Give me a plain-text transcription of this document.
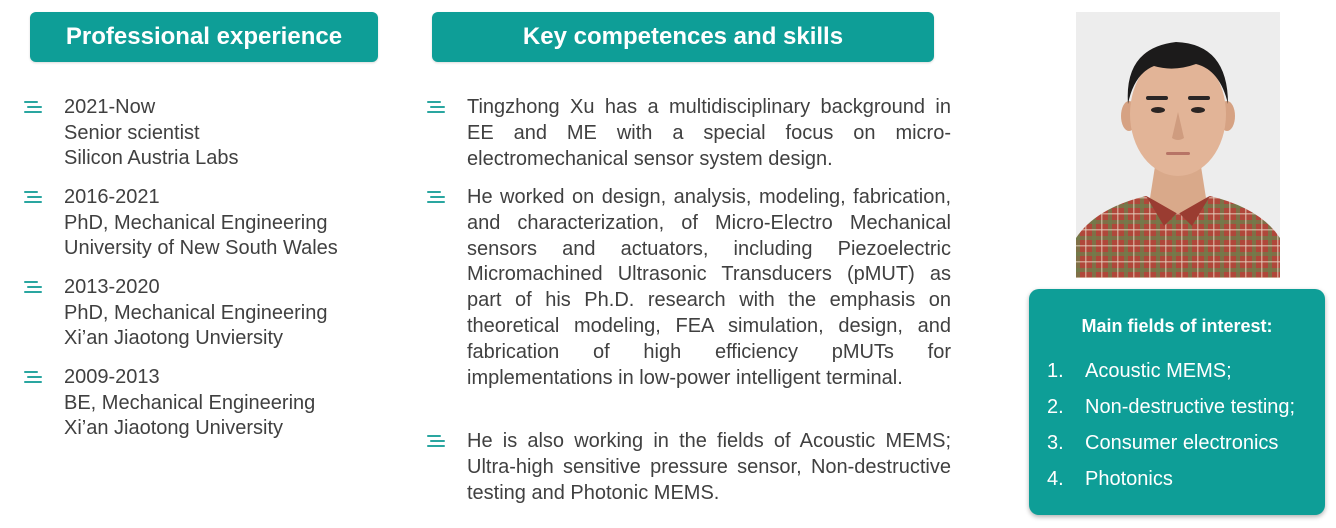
Professional experience	Key competences and skills
2021-Now
Senior scientist
Silicon Austria Labs
2016-2021
PhD, Mechanical Engineering
University of New South Wales
2013-2020
PhD, Mechanical Engineering
Xi’an Jiaotong Unviersity
2009-2013
BE, Mechanical Engineering
Xi’an Jiaotong University
Tingzhong Xu has a multidisciplinary background in EE and ME with a special focus on micro-electromechanical sensor system design.
He worked on design, analysis, modeling, fabrication, and characterization, of Micro-Electro Mechanical sensors and actuators, including Piezoelectric Micromachined Ultrasonic Transducers (pMUT) as part of his Ph.D. research with the emphasis on theoretical modeling, FEA simulation, design, and fabrication of high efficiency pMUTs for implementations in low-power intelligent terminal.
He is also working in the fields of Acoustic MEMS; Ultra-high sensitive pressure sensor, Non-destructive testing and Photonic MEMS.
Main fields of interest:
1. Acoustic MEMS;
2. Non-destructive testing;
3. Consumer electronics
4. Photonics
